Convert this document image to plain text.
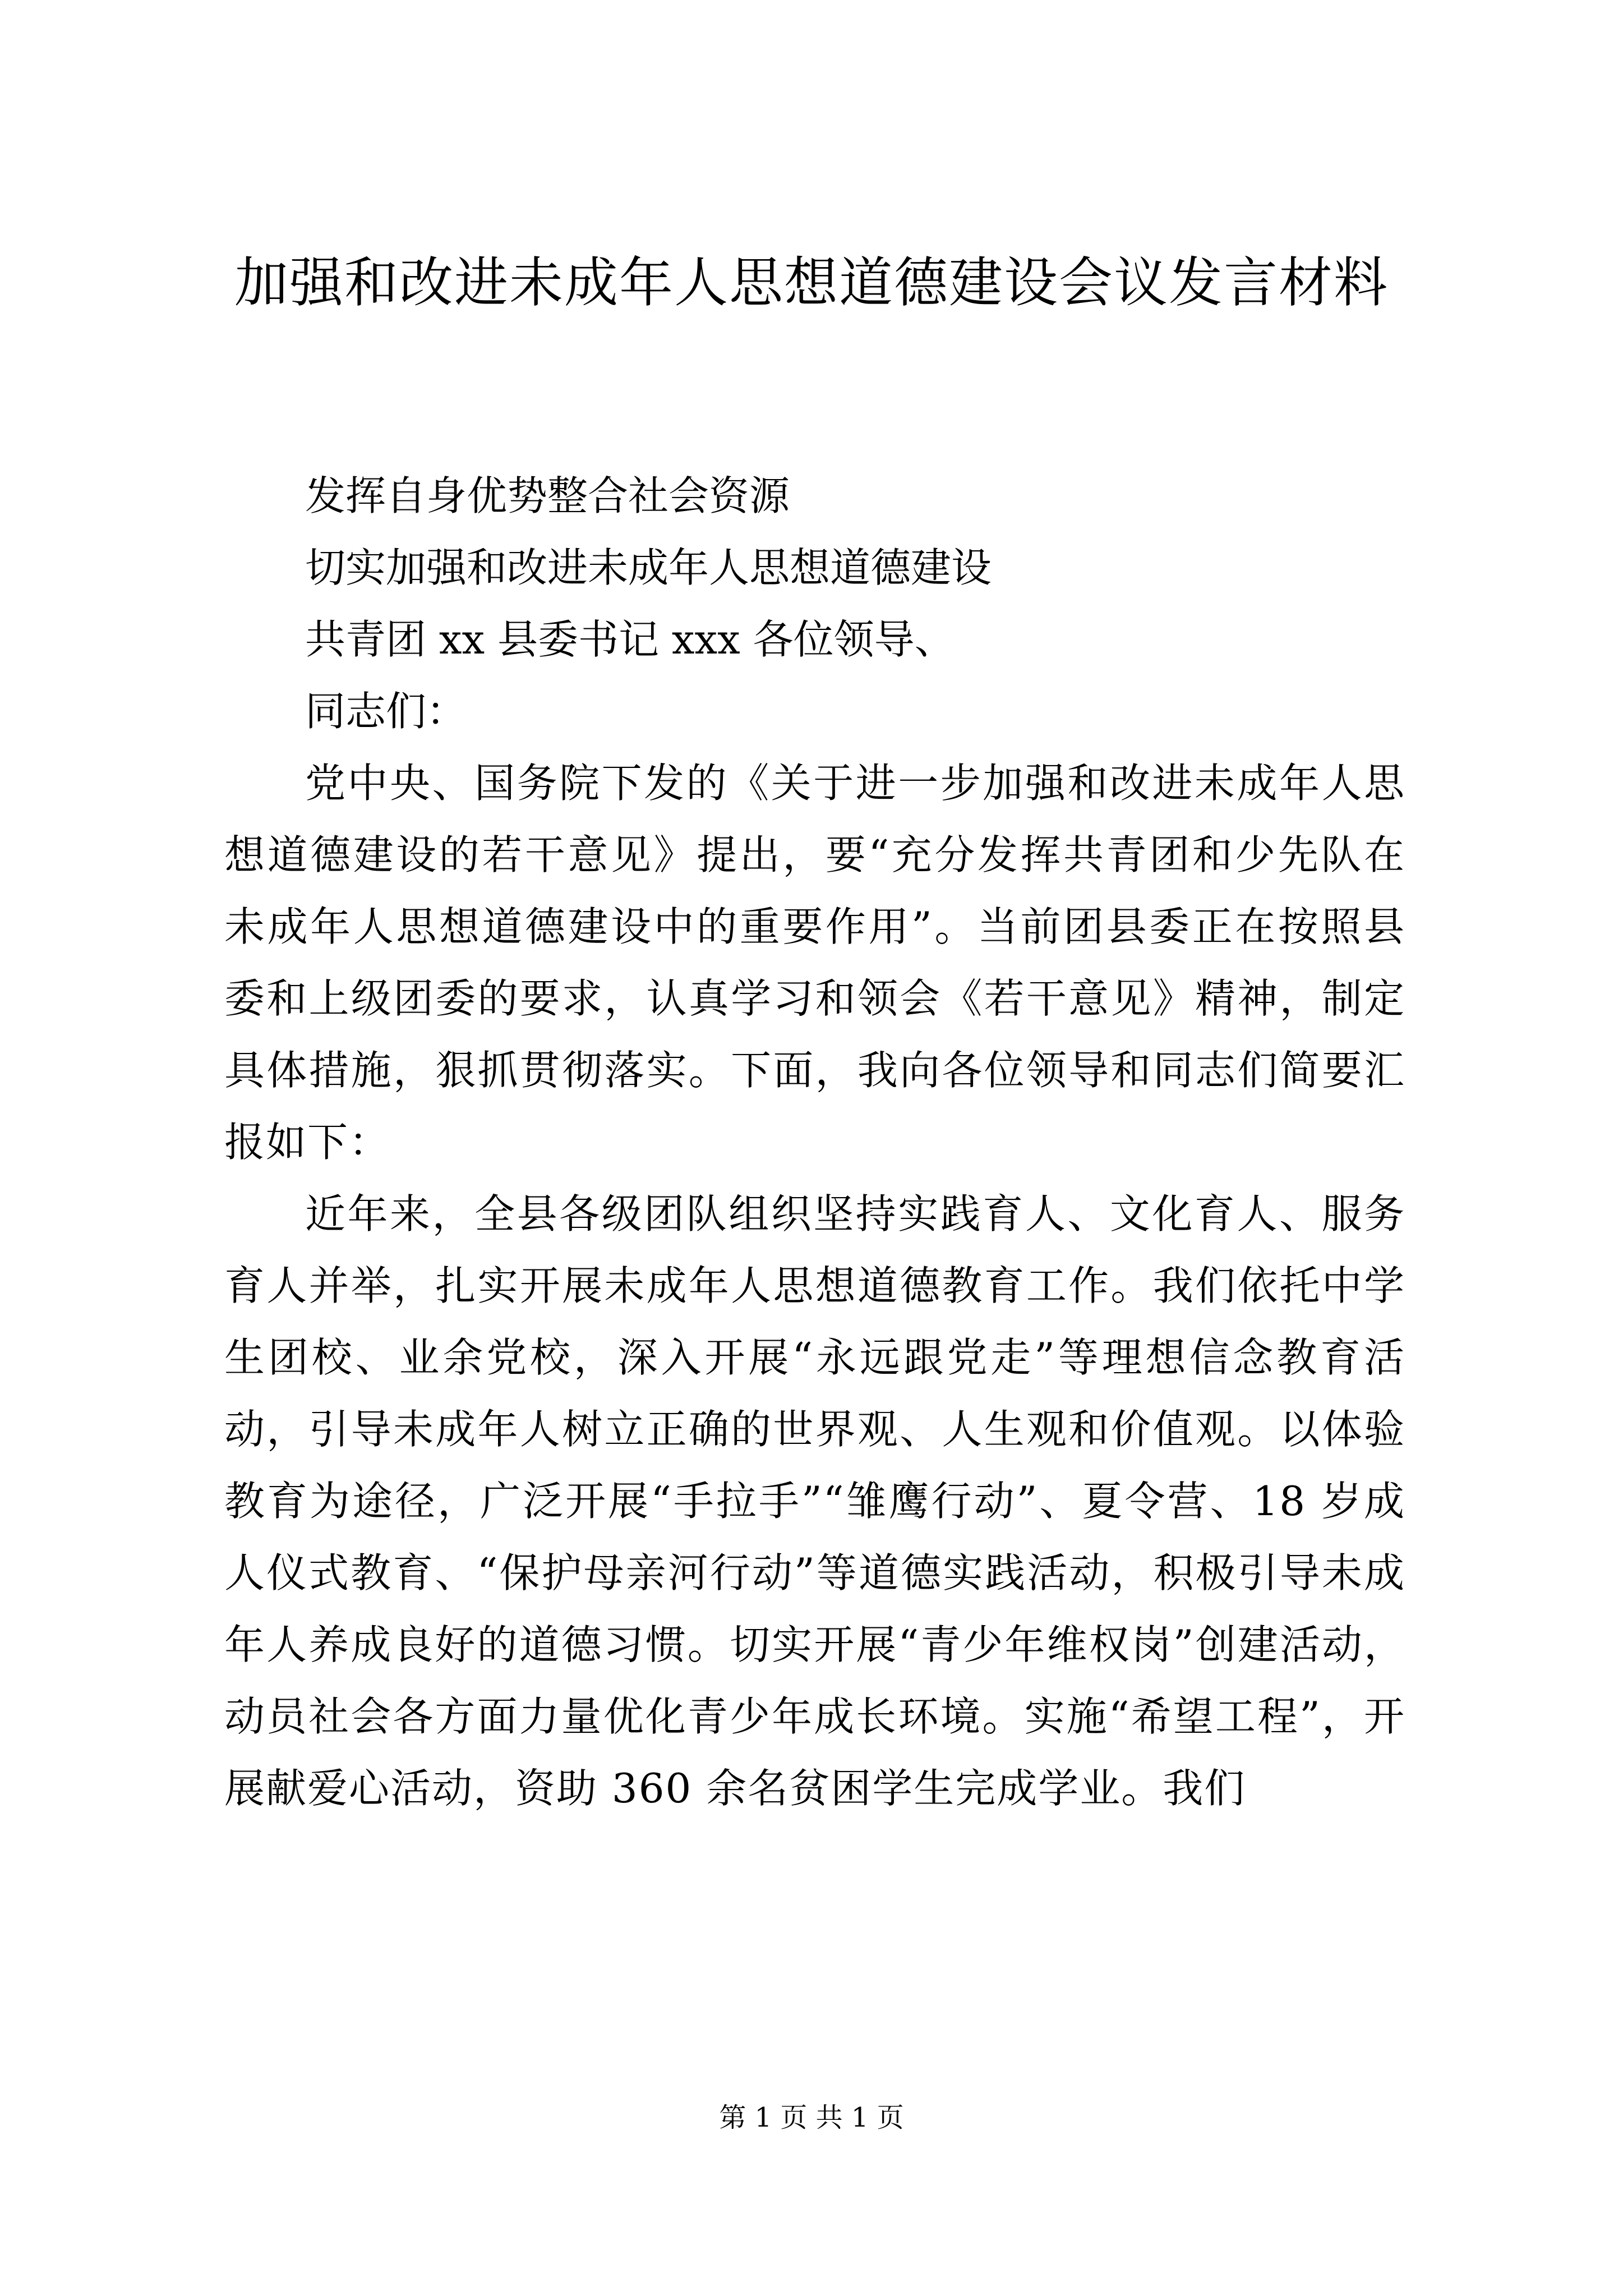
加强和改进未成年人思想道德建设会议发言材料

发挥自身优势整合社会资源

切实加强和改进未成年人思想道德建设

共青团 xx 县委书记 xxx 各位领导、

同志们：

党中央、国务院下发的《关于进一步加强和改进未成年人思想道德建设的若干意见》提出，要“充分发挥共青团和少先队在未成年人思想道德建设中的重要作用”。当前团县委正在按照县委和上级团委的要求，认真学习和领会《若干意见》精神，制定具体措施，狠抓贯彻落实。下面，我向各位领导和同志们简要汇报如下：

近年来，全县各级团队组织坚持实践育人、文化育人、服务育人并举，扎实开展未成年人思想道德教育工作。我们依托中学生团校、业余党校，深入开展“永远跟党走”等理想信念教育活动，引导未成年人树立正确的世界观、人生观和价值观。以体验教育为途径，广泛开展“手拉手”“雏鹰行动”、夏令营、18 岁成人仪式教育、“保护母亲河行动”等道德实践活动，积极引导未成年人养成良好的道德习惯。切实开展“青少年维权岗”创建活动，动员社会各方面力量优化青少年成长环境。实施“希望工程”，开展献爱心活动，资助 360 余名贫困学生完成学业。我们

第 1 页 共 1 页
